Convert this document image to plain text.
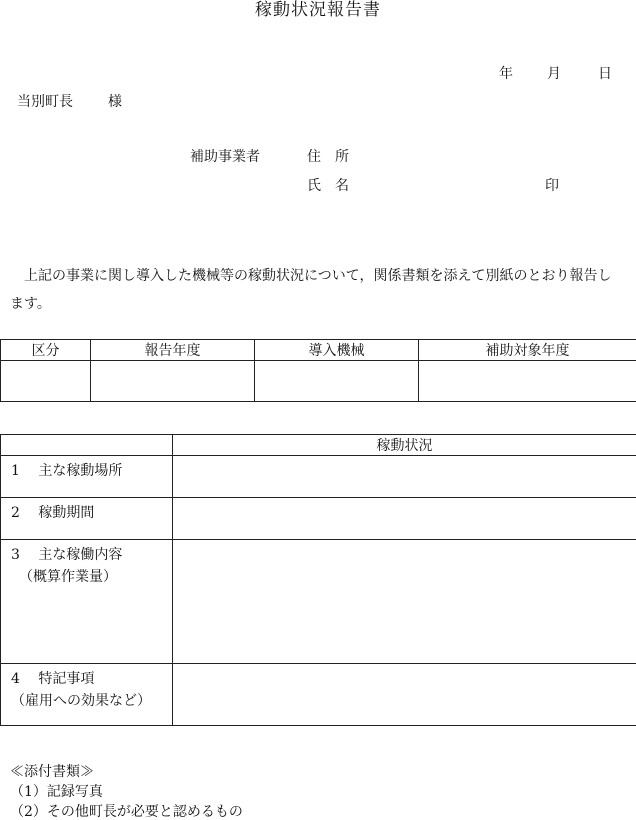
稼動状況報告書
年 月	日
当別町長	様
補助事業者	住　所
氏　名	印
上記の事業に関し導入した機械等の稼動状況について，関係書類を添えて別紙のとおり報告します。
区分	報告年度	導入機械	補助対象年度

	稼動状況
1　 主な稼動場所	
2　 稼動期間	

3　 主な稼働内容
（概算作業量）	

4　 特記事項
（雇用への効果など）	

≪添付書類≫
（1）記録写真
（2）その他町長が必要と認めるもの
